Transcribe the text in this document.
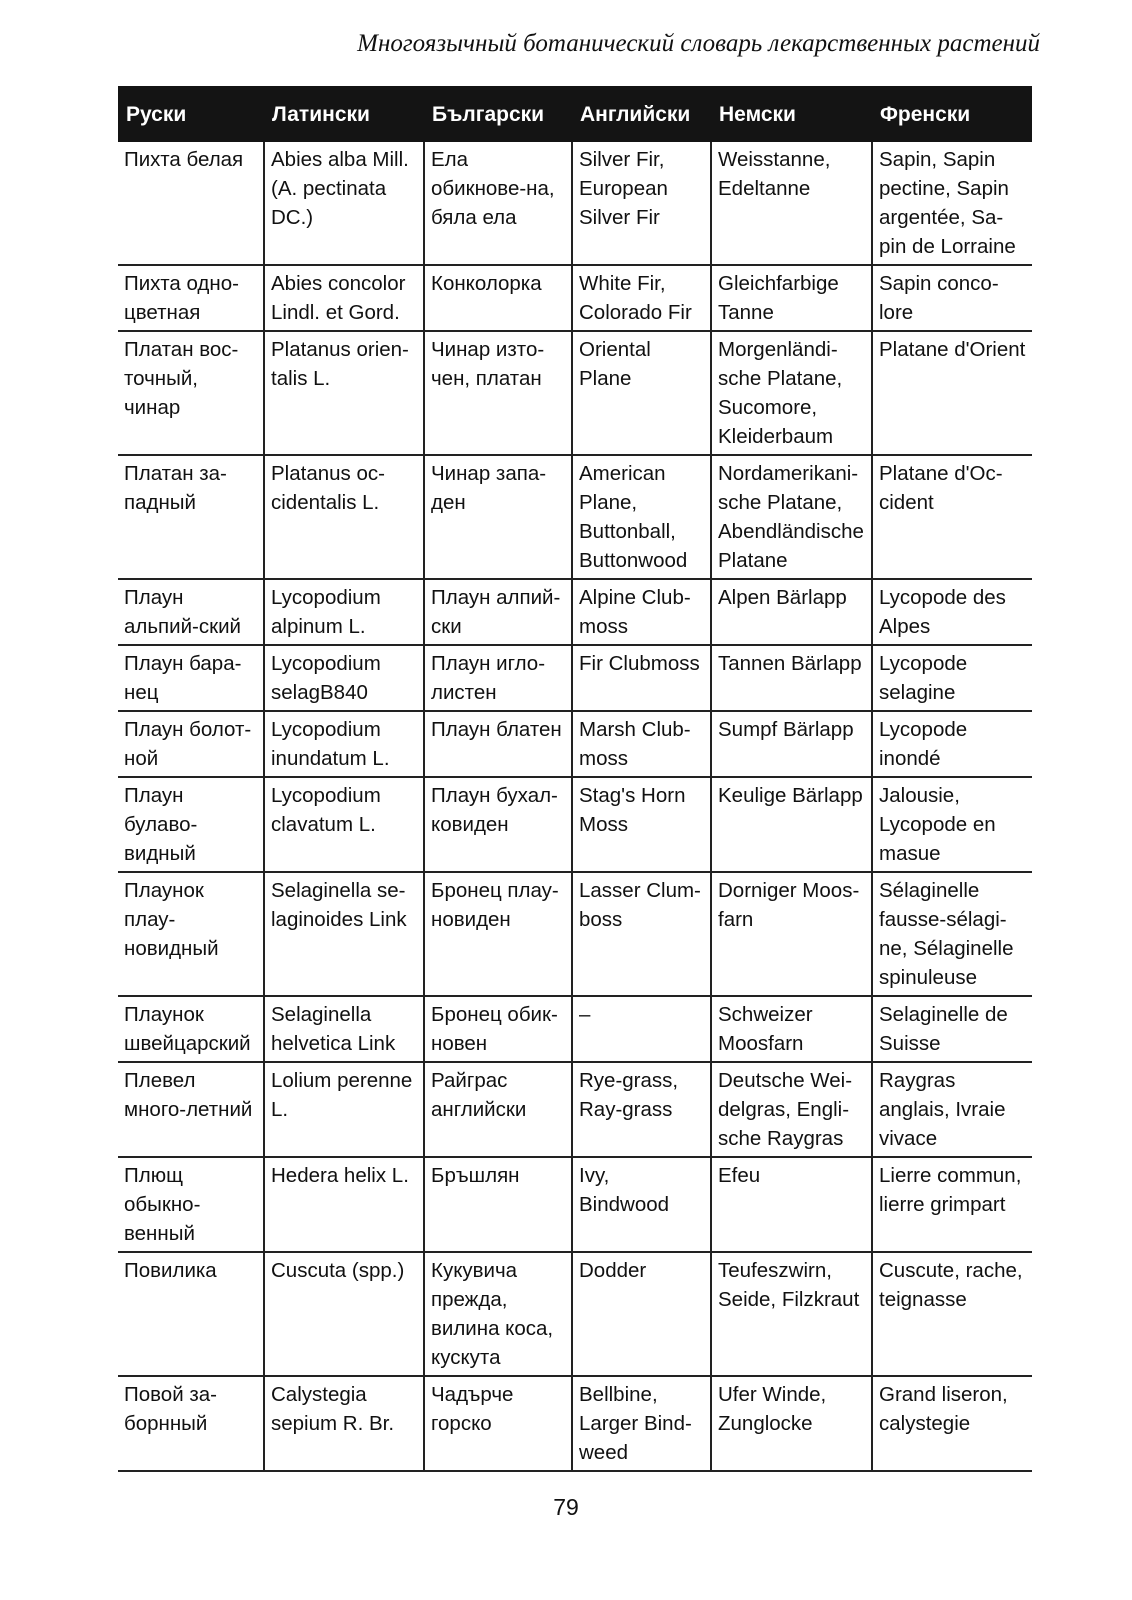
Многоязычный ботанический словарь лекарственных растений
Руски	Латински	Български	Английски	Немски	Френски
Пихта белая	Abies alba Mill. (A. pectinata DC.)	Ела обикнове-на, бяла ела	Silver Fir, European Silver Fir	Weisstanne, Edeltanne	Sapin, Sapin pectine, Sapin argentée, Sa-pin de Lorraine
Пихта одно-цветная	Abies concolor Lindl. et Gord.	Конколорка	White Fir, Colorado Fir	Gleichfarbige Tanne	Sapin conco-lore
Платан вос-точный, чинар	Platanus orien-talis L.	Чинар изто-чен, платан	Oriental Plane	Morgenländi-sche Platane, Sucomore, Kleiderbaum	Platane d'Orient
Платан за-падный	Platanus oc-cidentalis L.	Чинар запа-ден	American Plane, Buttonball, Buttonwood	Nordamerikani-sche Platane, Abendländische Platane	Platane d'Oc-cident
Плаун альпий-ский	Lycopodium alpinum L.	Плаун алпий-ски	Alpine Club-moss	Alpen Bärlapp	Lycopode des Alpes
Плаун бара-нец	Lycopodium selagB840	Плаун игло-листен	Fir Clubmoss	Tannen Bärlapp	Lycopode selagine
Плаун болот-ной	Lycopodium inundatum L.	Плаун блатен	Marsh Club-moss	Sumpf Bärlapp	Lycopode inondé
Плаун булаво-видный	Lycopodium clavatum L.	Плаун бухал-ковиден	Stag's Horn Moss	Keulige Bärlapp	Jalousie, Lycopode en masue
Плаунок плау-новидный	Selaginella se-laginoides Link	Бронец плау-новиден	Lasser Clum-boss	Dorniger Moos-farn	Sélaginelle fausse-sélagi-ne, Sélaginelle spinuleuse
Плаунок швейцарский	Selaginella helvetica Link	Бронец обик-новен	–	Schweizer Moosfarn	Selaginelle de Suisse
Плевел много-летний	Lolium perenne L.	Райграс английски	Rye-grass, Ray-grass	Deutsche Wei-delgras, Engli-sche Raygras	Raygras anglais, Ivraie vivace
Плющ обыкно-венный	Hedera helix L.	Бръшлян	Ivy, Bindwood	Efeu	Lierre commun, lierre grimpart
Повилика	Cuscuta (spp.)	Кукувича прежда, вилина коса, кускута	Dodder	Teufeszwirn, Seide, Filzkraut	Cuscute, rache, teignasse
Повой за-борнный	Calystegia sepium R. Br.	Чадърче горско	Bellbine, Larger Bind-weed	Ufer Winde, Zunglocke	Grand liseron, calystegie
79
